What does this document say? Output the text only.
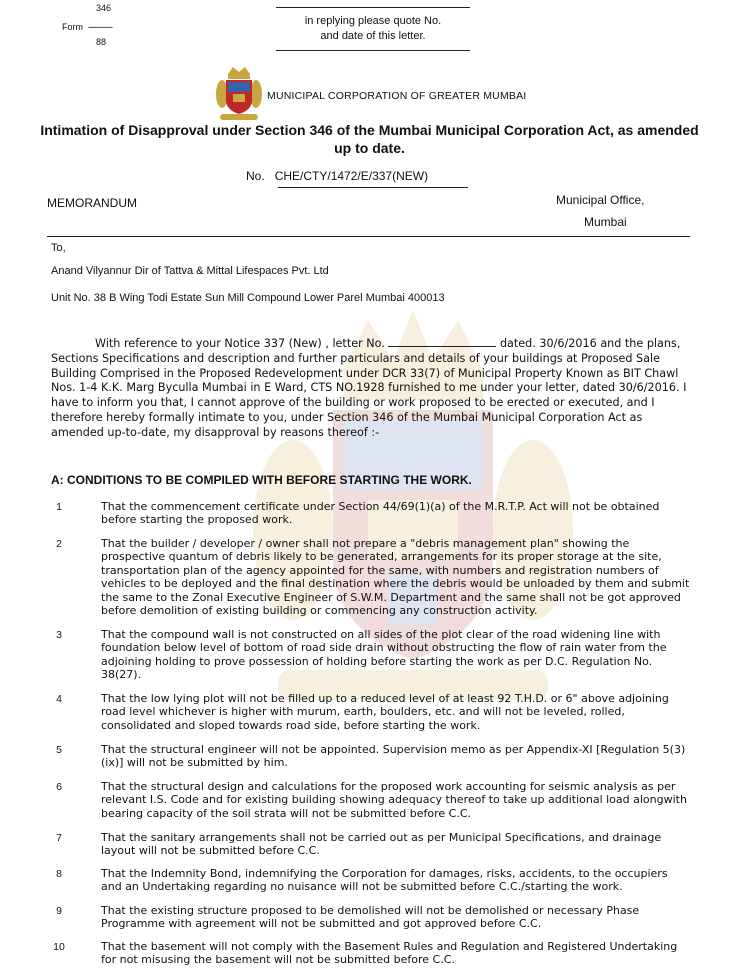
346
Form ------------
88
in replying please quote No.
and date of this letter.
MUNICIPAL CORPORATION OF GREATER MUMBAI
Intimation of Disapproval under Section 346 of the Mumbai Municipal Corporation Act, as amended up to date.
No. CHE/CTY/1472/E/337(NEW)
MEMORANDUM	Municipal Office,
Mumbai
To,
Anand Vilyannur Dir of Tattva & Mittal Lifespaces Pvt. Ltd
Unit No. 38 B Wing Todi Estate Sun Mill Compound Lower Parel Mumbai 400013
With reference to your Notice 337 (New) , letter No.	dated. 30/6/2016 and the plans, Sections Specifications and description and further particulars and details of your buildings at Proposed Sale Building Comprised in the Proposed Redevelopment under DCR 33(7) of Municipal Property Known as BIT Chawl Nos. 1-4 K.K. Marg Byculla Mumbai in E Ward, CTS NO.1928 furnished to me under your letter, dated 30/6/2016. I have to inform you that, I cannot approve of the building or work proposed to be erected or executed, and I therefore hereby formally intimate to you, under Section 346 of the Mumbai Municipal Corporation Act as amended up-to-date, my disapproval by reasons thereof :-
A: CONDITIONS TO BE COMPILED WITH BEFORE STARTING THE WORK.
1	That the commencement certificate under Section 44/69(1)(a) of the M.R.T.P. Act will not be obtained before starting the proposed work.
2	That the builder / developer / owner shall not prepare a "debris management plan" showing the prospective quantum of debris likely to be generated, arrangements for its proper storage at the site, transportation plan of the agency appointed for the same, with numbers and registration numbers of vehicles to be deployed and the final destination where the debris would be unloaded by them and submit the same to the Zonal Executive Engineer of S.W.M. Department and the same shall not be got approved before demolition of existing building or commencing any construction activity.
3	That the compound wall is not constructed on all sides of the plot clear of the road widening line with foundation below level of bottom of road side drain without obstructing the flow of rain water from the adjoining holding to prove possession of holding before starting the work as per D.C. Regulation No. 38(27).
4	That the low lying plot will not be filled up to a reduced level of at least 92 T.H.D. or 6" above adjoining road level whichever is higher with murum, earth, boulders, etc. and will not be leveled, rolled, consolidated and sloped towards road side, before starting the work.
5	That the structural engineer will not be appointed. Supervision memo as per Appendix-XI [Regulation 5(3)(ix)] will not be submitted by him.
6	That the structural design and calculations for the proposed work accounting for seismic analysis as per relevant I.S. Code and for existing building showing adequacy thereof to take up additional load alongwith bearing capacity of the soil strata will not be submitted before C.C.
7	That the sanitary arrangements shall not be carried out as per Municipal Specifications, and drainage layout will not be submitted before C.C.
8	That the Indemnity Bond, indemnifying the Corporation for damages, risks, accidents, to the occupiers and an Undertaking regarding no nuisance will not be submitted before C.C./starting the work.
9	That the existing structure proposed to be demolished will not be demolished or necessary Phase Programme with agreement will not be submitted and got approved before C.C.
10	That the basement will not comply with the Basement Rules and Regulation and Registered Undertaking for not misusing the basement will not be submitted before C.C.
